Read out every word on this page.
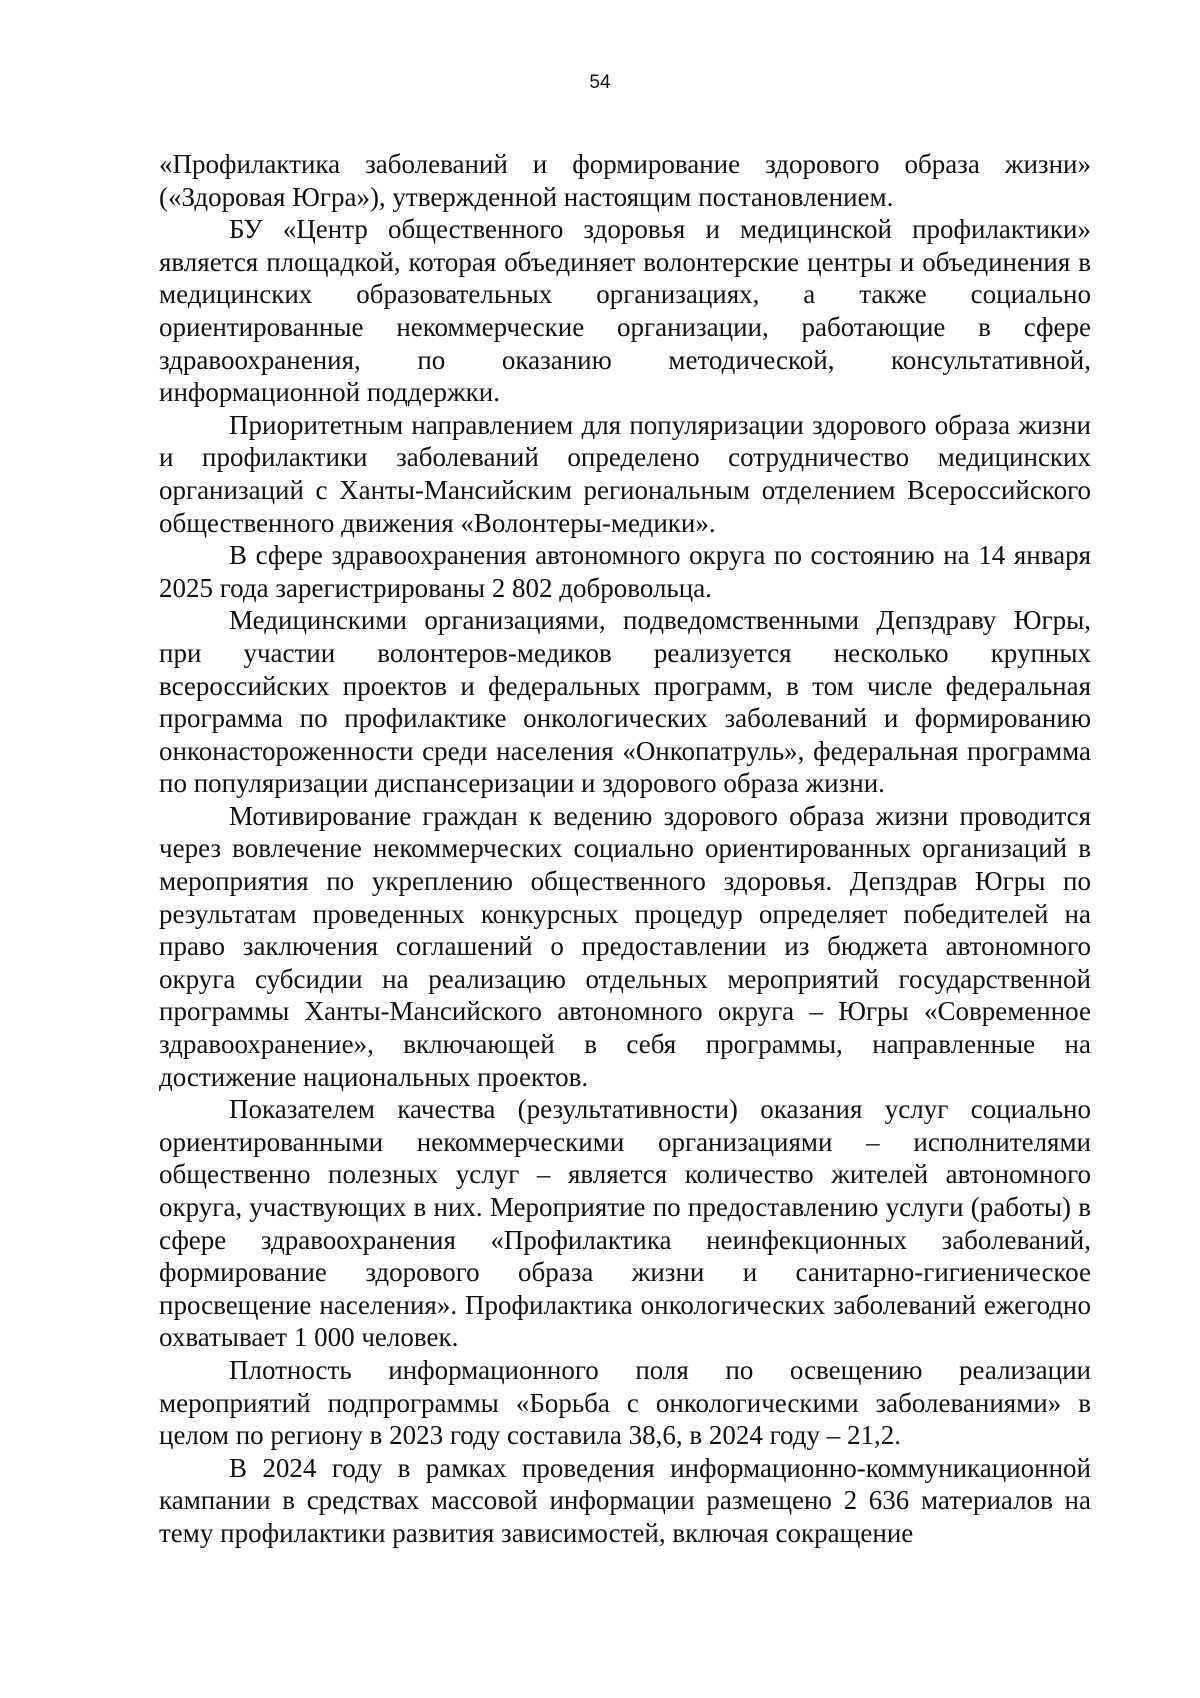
54

«Профилактика заболеваний и формирование здорового образа жизни» («Здоровая Югра»), утвержденной настоящим постановлением.

БУ «Центр общественного здоровья и медицинской профилактики» является площадкой, которая объединяет волонтерские центры и объединения в медицинских образовательных организациях, а также социально ориентированные некоммерческие организации, работающие в сфере здравоохранения, по оказанию методической, консультативной, информационной поддержки.

Приоритетным направлением для популяризации здорового образа жизни и профилактики заболеваний определено сотрудничество медицинских организаций с Ханты-Мансийским региональным отделением Всероссийского общественного движения «Волонтеры-медики».

В сфере здравоохранения автономного округа по состоянию на 14 января 2025 года зарегистрированы 2 802 добровольца.

Медицинскими организациями, подведомственными Депздраву Югры, при участии волонтеров-медиков реализуется несколько крупных всероссийских проектов и федеральных программ, в том числе федеральная программа по профилактике онкологических заболеваний и формированию онконастороженности среди населения «Онкопатруль», федеральная программа по популяризации диспансеризации и здорового образа жизни.

Мотивирование граждан к ведению здорового образа жизни проводится через вовлечение некоммерческих социально ориентированных организаций в мероприятия по укреплению общественного здоровья. Депздрав Югры по результатам проведенных конкурсных процедур определяет победителей на право заключения соглашений о предоставлении из бюджета автономного округа субсидии на реализацию отдельных мероприятий государственной программы Ханты-Мансийского автономного округа – Югры «Современное здравоохранение», включающей в себя программы, направленные на достижение национальных проектов.

Показателем качества (результативности) оказания услуг социально ориентированными некоммерческими организациями – исполнителями общественно полезных услуг – является количество жителей автономного округа, участвующих в них. Мероприятие по предоставлению услуги (работы) в сфере здравоохранения «Профилактика неинфекционных заболеваний, формирование здорового образа жизни и санитарно-гигиеническое просвещение населения». Профилактика онкологических заболеваний ежегодно охватывает 1 000 человек.

Плотность информационного поля по освещению реализации мероприятий подпрограммы «Борьба с онкологическими заболеваниями» в целом по региону в 2023 году составила 38,6, в 2024 году – 21,2.

В 2024 году в рамках проведения информационно-коммуникационной кампании в средствах массовой информации размещено 2 636 материалов на тему профилактики развития зависимостей, включая сокращение
